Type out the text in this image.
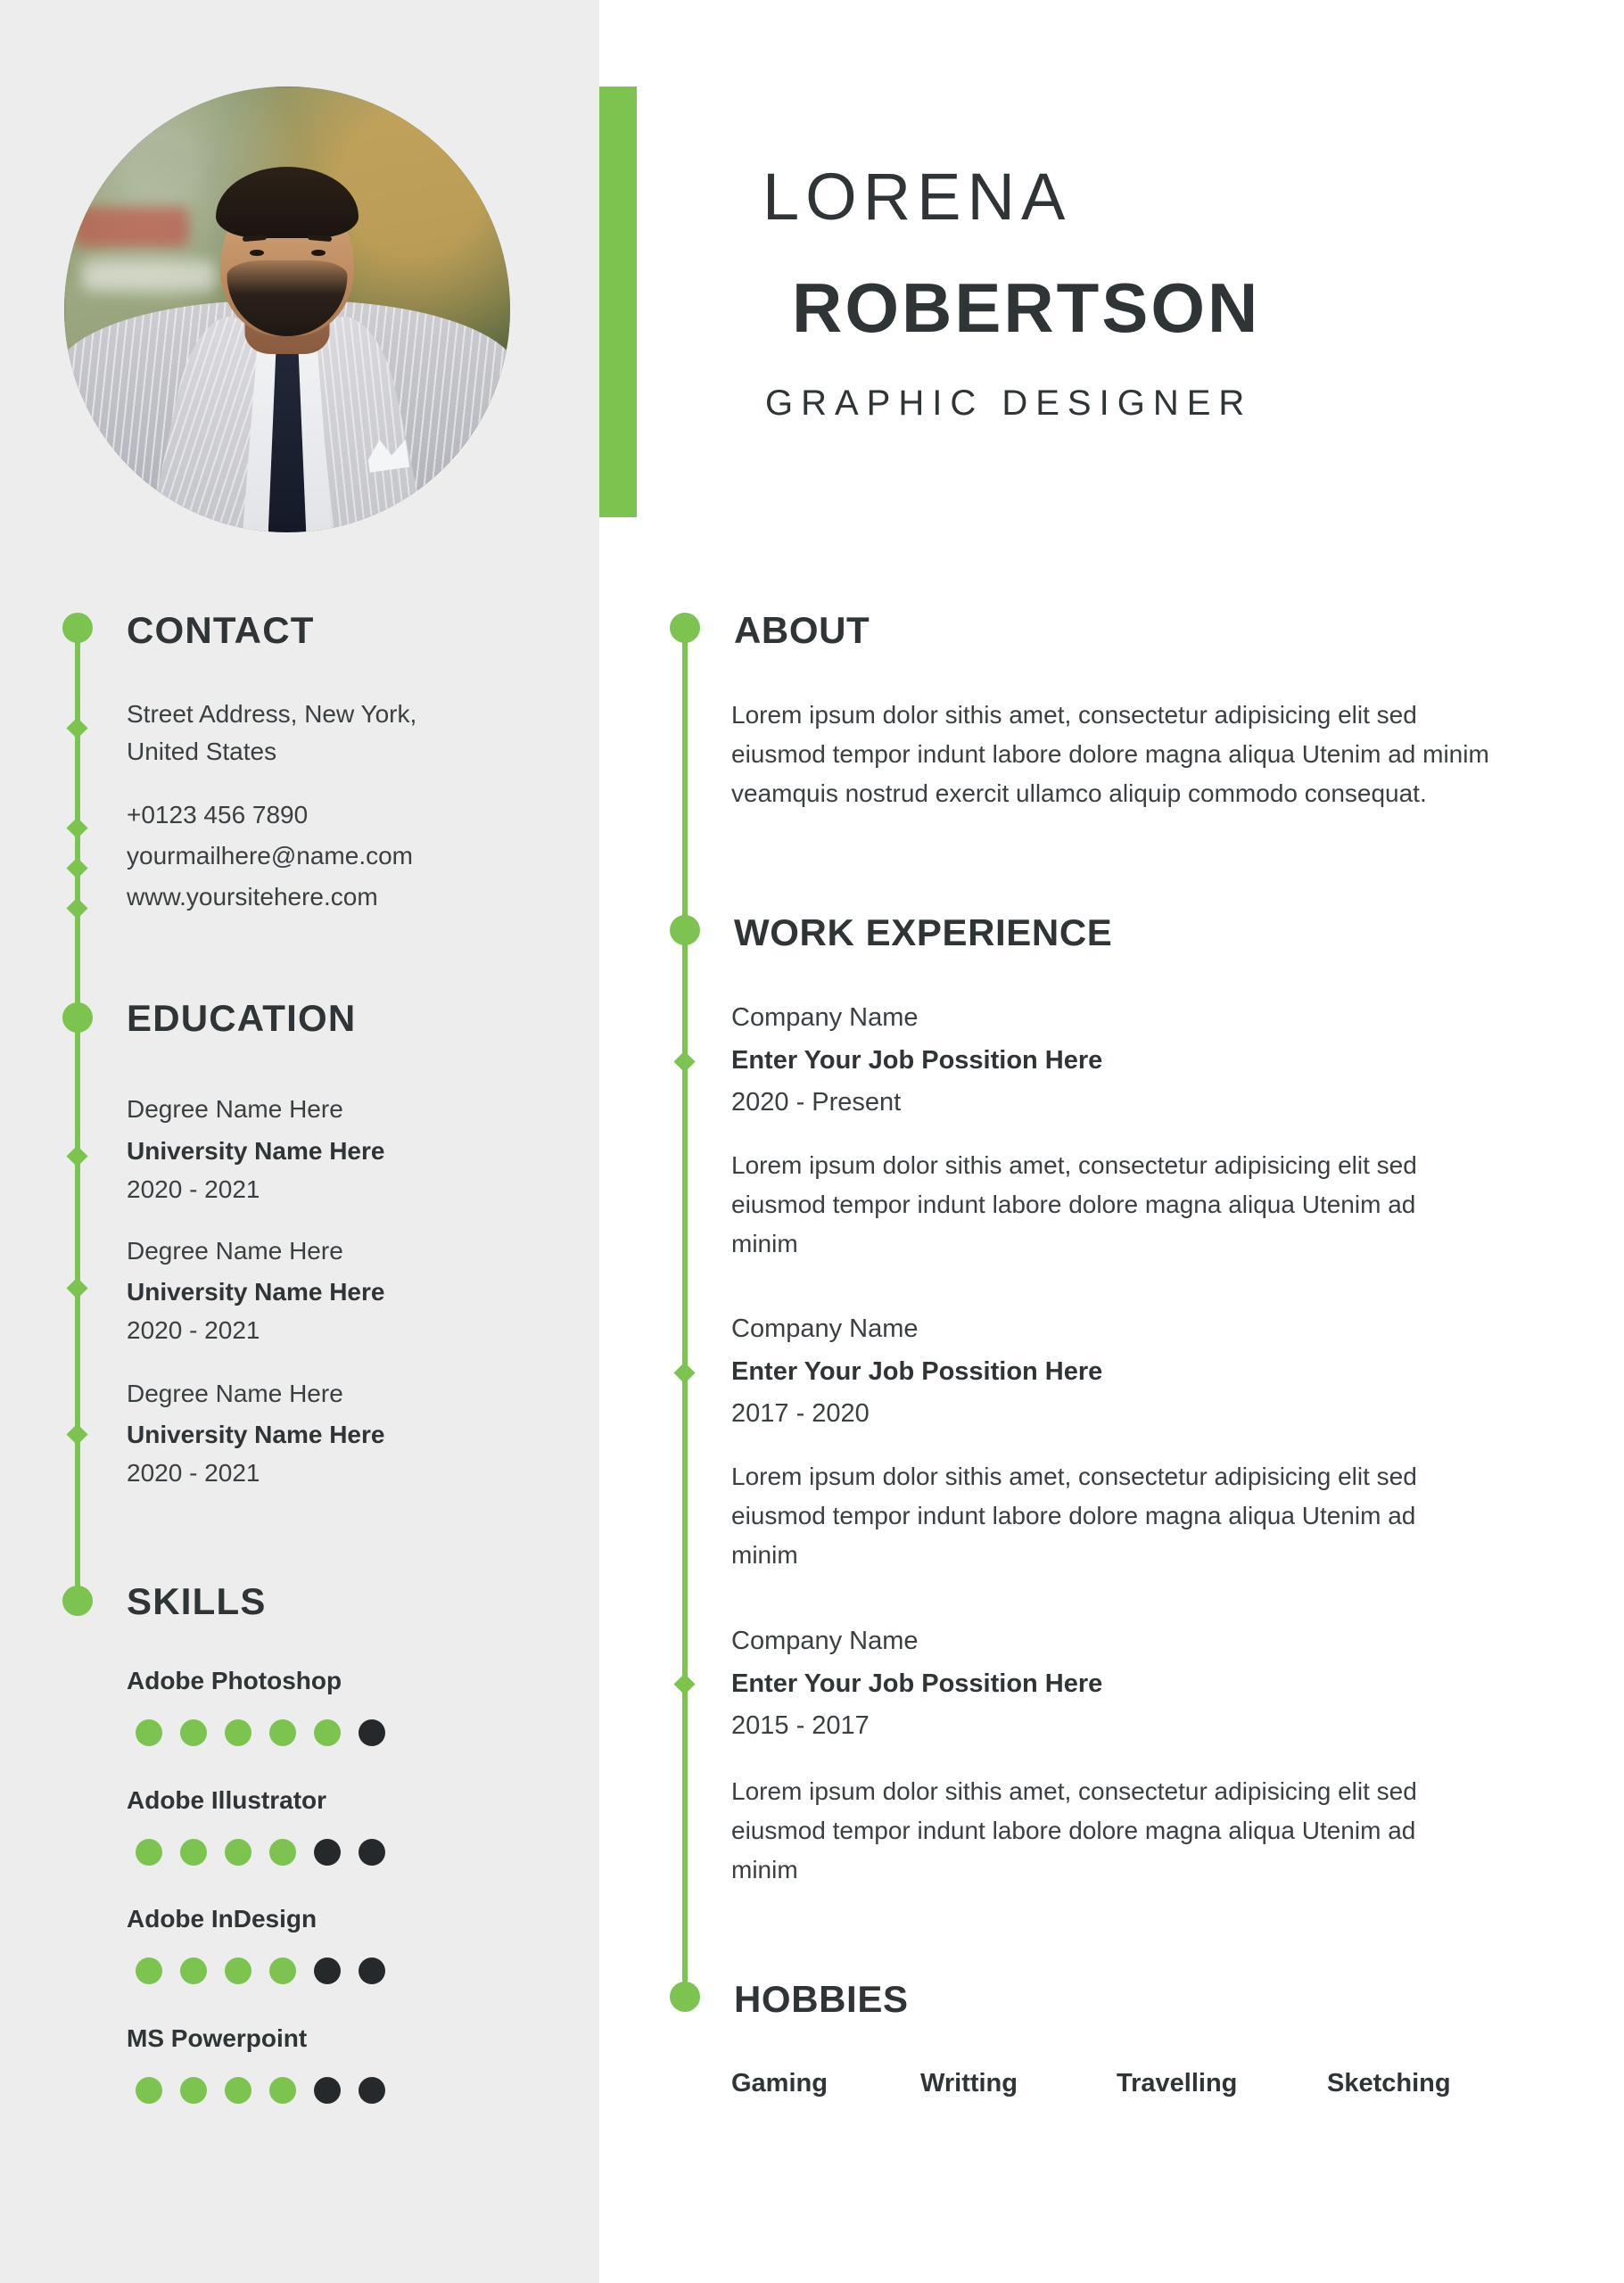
CONTACT
Street Address, New York,
United States
+0123 456 7890
yourmailhere@name.com
www.yoursitehere.com
EDUCATION
Degree Name Here
University Name Here
2020 - 2021
Degree Name Here
University Name Here
2020 - 2021
Degree Name Here
University Name Here
2020 - 2021
SKILLS
Adobe Photoshop
Adobe Illustrator
Adobe InDesign
MS Powerpoint
LORENA
ROBERTSON
GRAPHIC DESIGNER
ABOUT
Lorem ipsum dolor sithis amet, consectetur adipisicing elit sed eiusmod tempor indunt labore dolore magna aliqua Utenim ad minim veamquis nostrud exercit ullamco aliquip commodo consequat.
WORK EXPERIENCE
Company Name
Enter Your Job Possition Here
2020 - Present
Lorem ipsum dolor sithis amet, consectetur adipisicing elit sed eiusmod tempor indunt labore dolore magna aliqua Utenim ad minim
Company Name
Enter Your Job Possition Here
2017 - 2020
Lorem ipsum dolor sithis amet, consectetur adipisicing elit sed eiusmod tempor indunt labore dolore magna aliqua Utenim ad minim
Company Name
Enter Your Job Possition Here
2015 - 2017
Lorem ipsum dolor sithis amet, consectetur adipisicing elit sed eiusmod tempor indunt labore dolore magna aliqua Utenim ad minim
HOBBIES
Gaming	Writting	Travelling	Sketching
